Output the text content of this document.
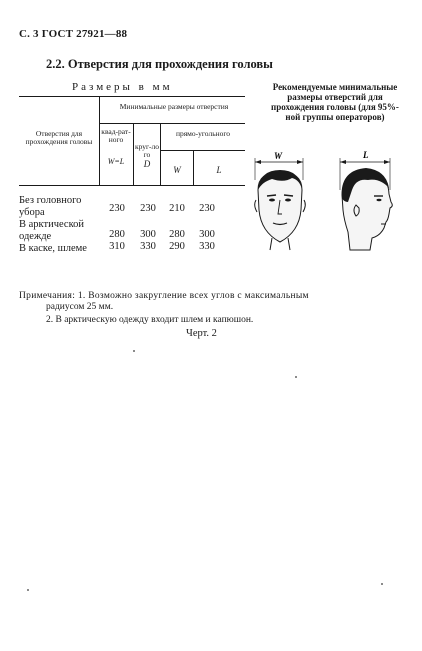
С. 3 ГОСТ 27921—88
2.2. Отверстия для прохождения головы
Размеры в мм
Отверстия для прохождения головы
Минимальные размеры отверстия
квад-рат-ного
W=L
круг-лого
D
прямо-угольного
W	L
Без головного
убора	230	230	210	230
В арктической
одежде	280	300	280	300
В каске, шлеме	310	330	290	330
Рекомендуемые минимальные размеры отверстий для прохождения головы (для 95%-ной группы операторов)
W	L
Примечания: 1. Возможно закругление всех углов с максимальным
радиусом 25 мм.
2. В арктическую одежду входит шлем и капюшон.
Черт. 2
